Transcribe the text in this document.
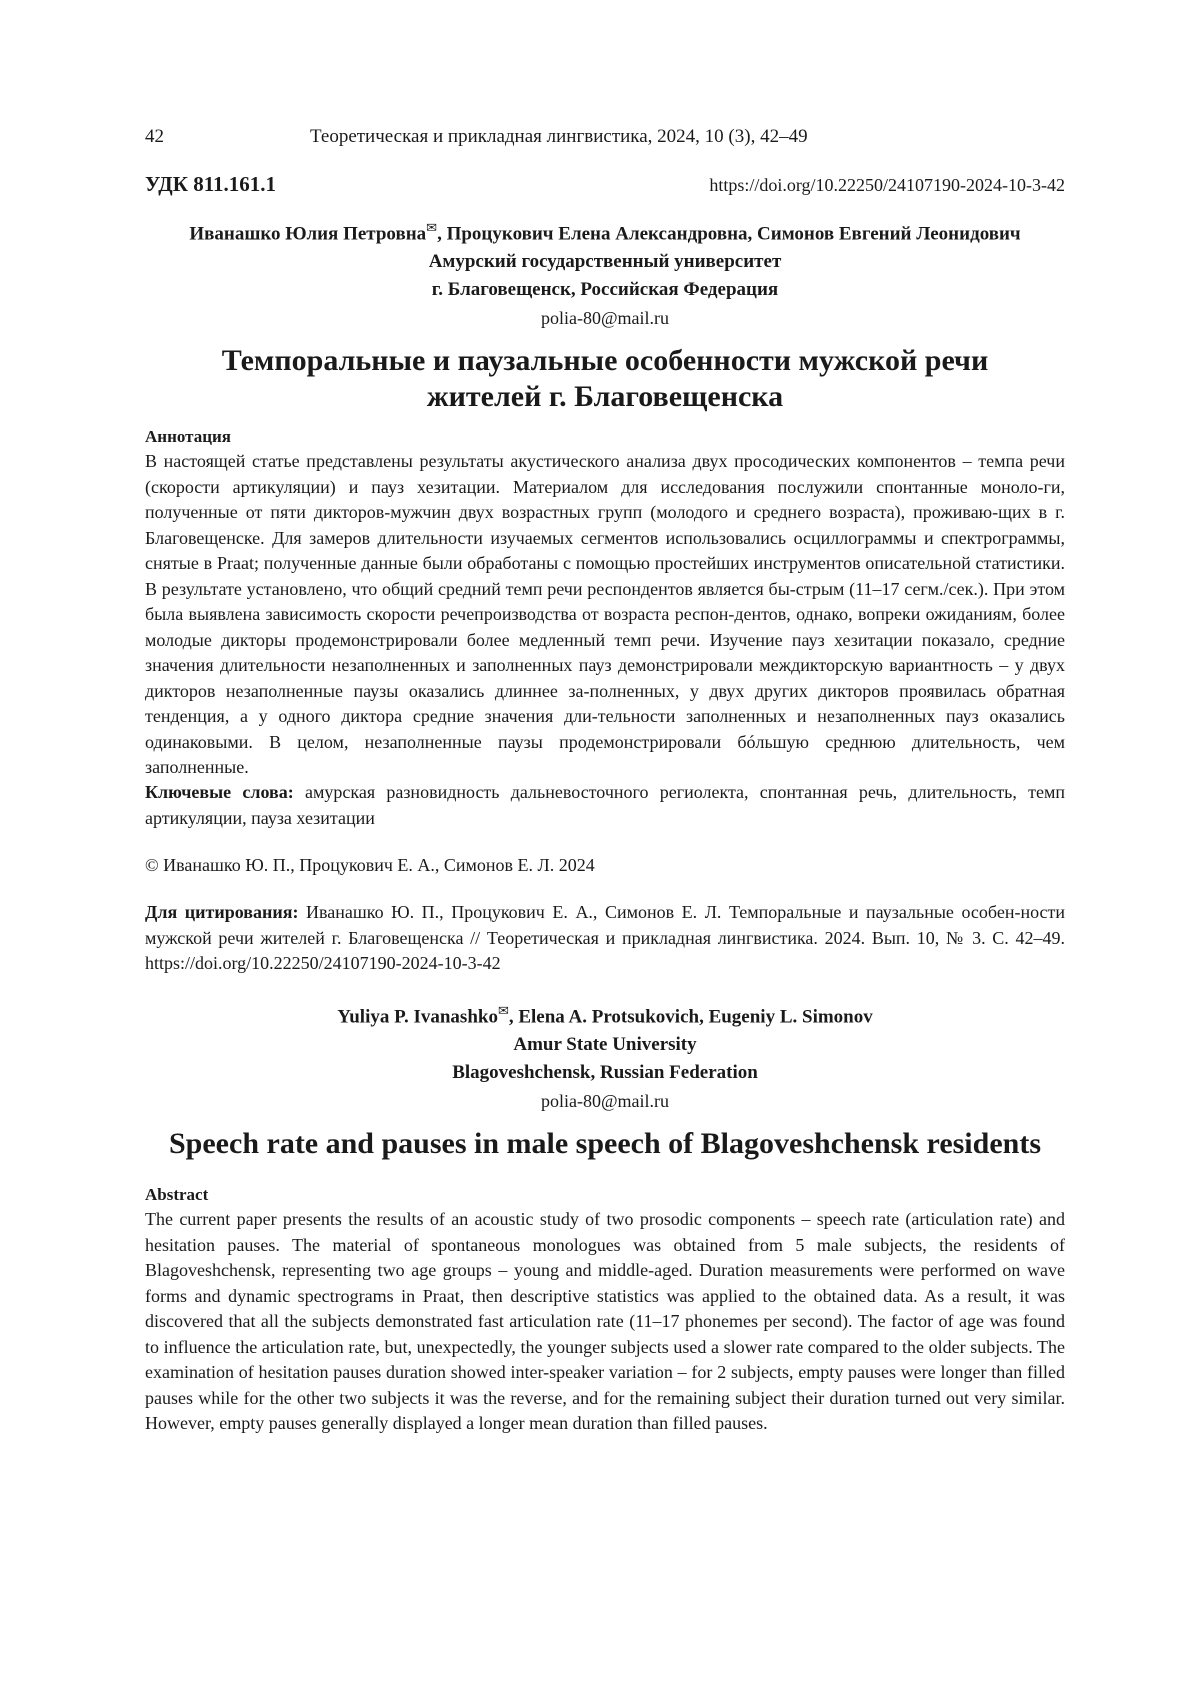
42	Теоретическая и прикладная лингвистика, 2024, 10 (3), 42–49
УДК 811.161.1	https://doi.org/10.22250/24107190-2024-10-3-42
Иванашко Юлия Петровна✉, Процукович Елена Александровна, Симонов Евгений Леонидович
Амурский государственный университет
г. Благовещенск, Российская Федерация
polia-80@mail.ru
Темпоральные и паузальные особенности мужской речи
жителей г. Благовещенска
Аннотация
В настоящей статье представлены результаты акустического анализа двух просодических компонентов – темпа речи (скорости артикуляции) и пауз хезитации. Материалом для исследования послужили спонтанные моноло-ги, полученные от пяти дикторов-мужчин двух возрастных групп (молодого и среднего возраста), проживаю-щих в г. Благовещенске. Для замеров длительности изучаемых сегментов использовались осциллограммы и спектрограммы, снятые в Praat; полученные данные были обработаны с помощью простейших инструментов описательной статистики. В результате установлено, что общий средний темп речи респондентов является бы-стрым (11–17 сегм./сек.). При этом была выявлена зависимость скорости речепроизводства от возраста респон-дентов, однако, вопреки ожиданиям, более молодые дикторы продемонстрировали более медленный темп речи. Изучение пауз хезитации показало, средние значения длительности незаполненных и заполненных пауз демонстрировали междикторскую вариантность – у двух дикторов незаполненные паузы оказались длиннее за-полненных, у двух других дикторов проявилась обратная тенденция, а у одного диктора средние значения дли-тельности заполненных и незаполненных пауз оказались одинаковыми. В целом, незаполненные паузы продемонстрировали бóльшую среднюю длительность, чем заполненные.
Ключевые слова: амурская разновидность дальневосточного региолекта, спонтанная речь, длительность, темп артикуляции, пауза хезитации
© Иванашко Ю. П., Процукович Е. А., Симонов Е. Л. 2024
Для цитирования: Иванашко Ю. П., Процукович Е. А., Симонов Е. Л. Темпоральные и паузальные особен-ности мужской речи жителей г. Благовещенска // Теоретическая и прикладная лингвистика. 2024. Вып. 10, № 3. С. 42–49. https://doi.org/10.22250/24107190-2024-10-3-42
Yuliya P. Ivanashko✉, Elena A. Protsukovich, Eugeniy L. Simonov
Amur State University
Blagoveshchensk, Russian Federation
polia-80@mail.ru
Speech rate and pauses in male speech of Blagoveshchensk residents
Abstract
The current paper presents the results of an acoustic study of two prosodic components – speech rate (articulation rate) and hesitation pauses. The material of spontaneous monologues was obtained from 5 male subjects, the residents of Blagoveshchensk, representing two age groups – young and middle-aged. Duration measurements were performed on wave forms and dynamic spectrograms in Praat, then descriptive statistics was applied to the obtained data. As a result, it was discovered that all the subjects demonstrated fast articulation rate (11–17 phonemes per second). The factor of age was found to influence the articulation rate, but, unexpectedly, the younger subjects used a slower rate compared to the older subjects. The examination of hesitation pauses duration showed inter-speaker variation – for 2 subjects, empty pauses were longer than filled pauses while for the other two subjects it was the reverse, and for the remaining subject their duration turned out very similar. However, empty pauses generally displayed a longer mean duration than filled pauses.
